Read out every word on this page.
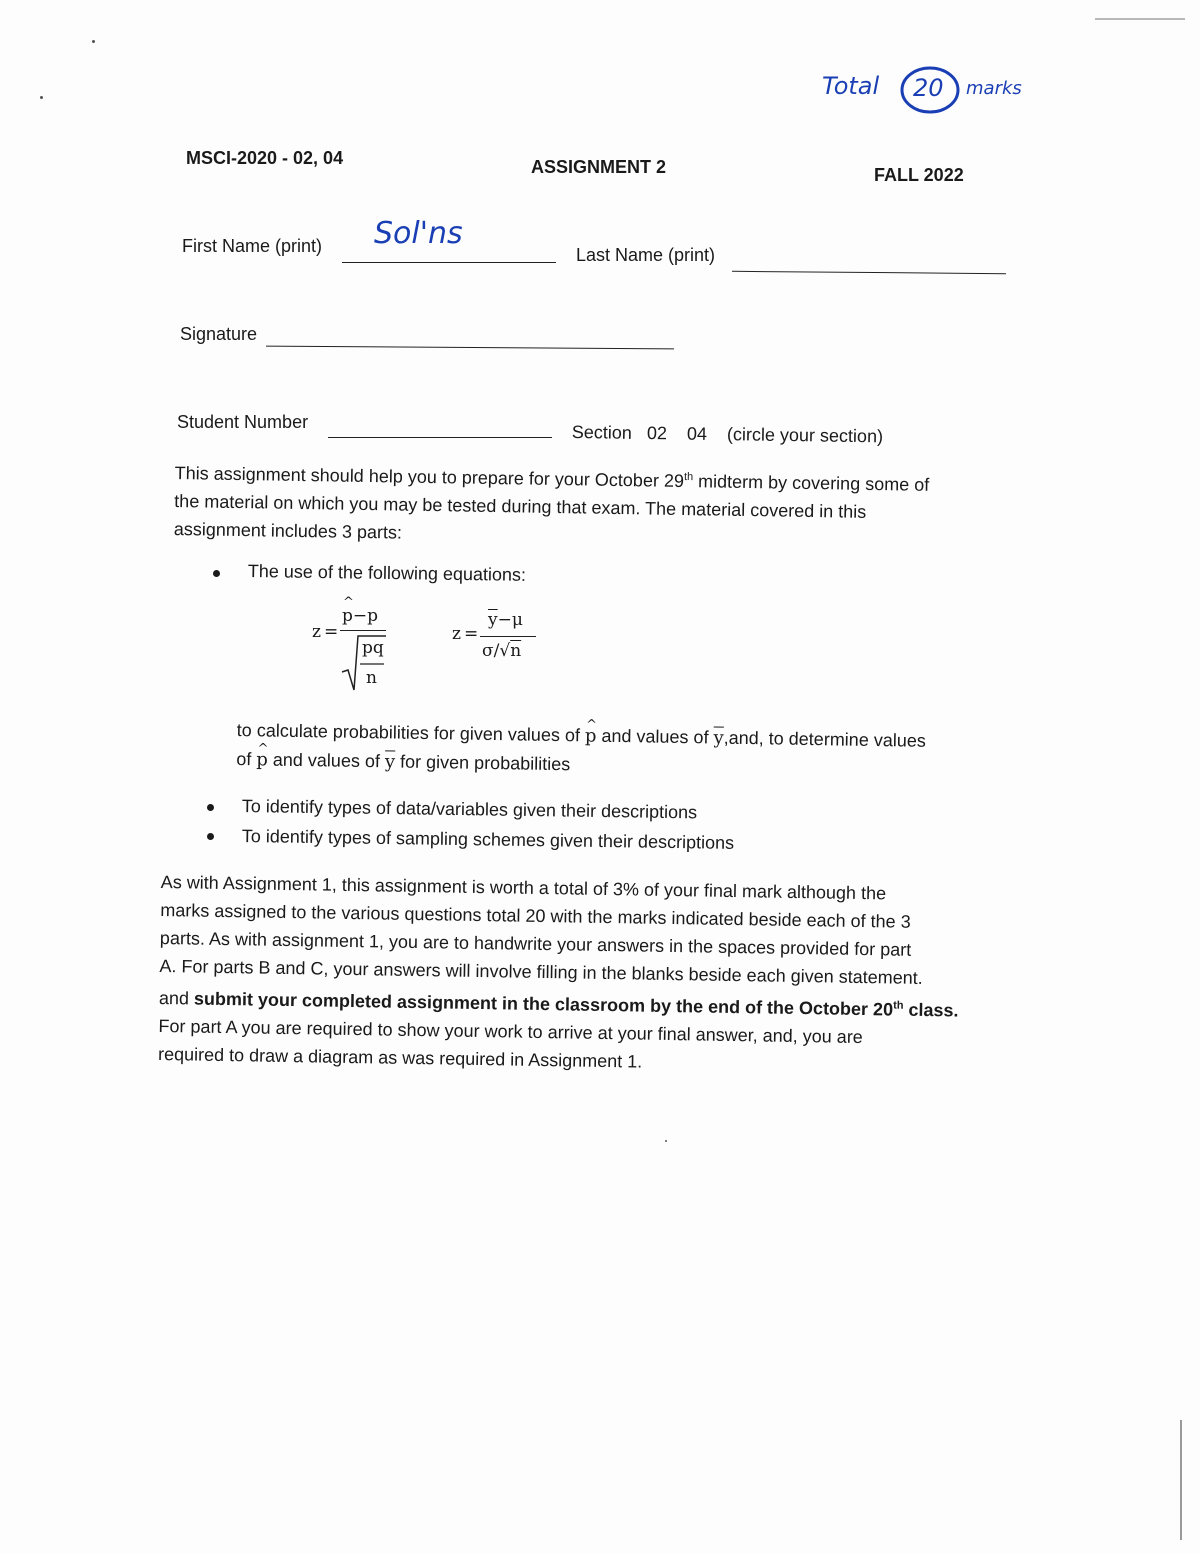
Total 20 marks
MSCI-2020 - 02, 04	ASSIGNMENT 2	FALL 2022
First Name (print) Sol'ns
Last Name (print)
Signature
Student Number	Section 02 04 (circle your section)

This assignment should help you to prepare for your October 29th midterm by covering some of

the material on which you may be tested during that exam. The material covered in this

assignment includes 3 parts:

The use of the following equations:
z =
^ p−p
pq
n
z =
$\overline{y}-\mu$
σ/√n

to calculate probabilities for given values of ^ p and values of $\overline{y},and$, to determine values

of ^ p and values of $\overline{y}$ for given probabilities

To identify types of data/variables given their descriptions
To identify types of sampling schemes given their descriptions

As with Assignment 1, this assignment is worth a total of 3% of your final mark although the

marks assigned to the various questions total 20 with the marks indicated beside each of the 3

parts. As with assignment 1, you are to handwrite your answers in the spaces provided for part

A. For parts B and C, your answers will involve filling in the blanks beside each given statement.

and submit your completed assignment in the classroom by the end of the October 20th class.

For part A you are required to show your work to arrive at your final answer, and, you are

required to draw a diagram as was required in Assignment 1.
